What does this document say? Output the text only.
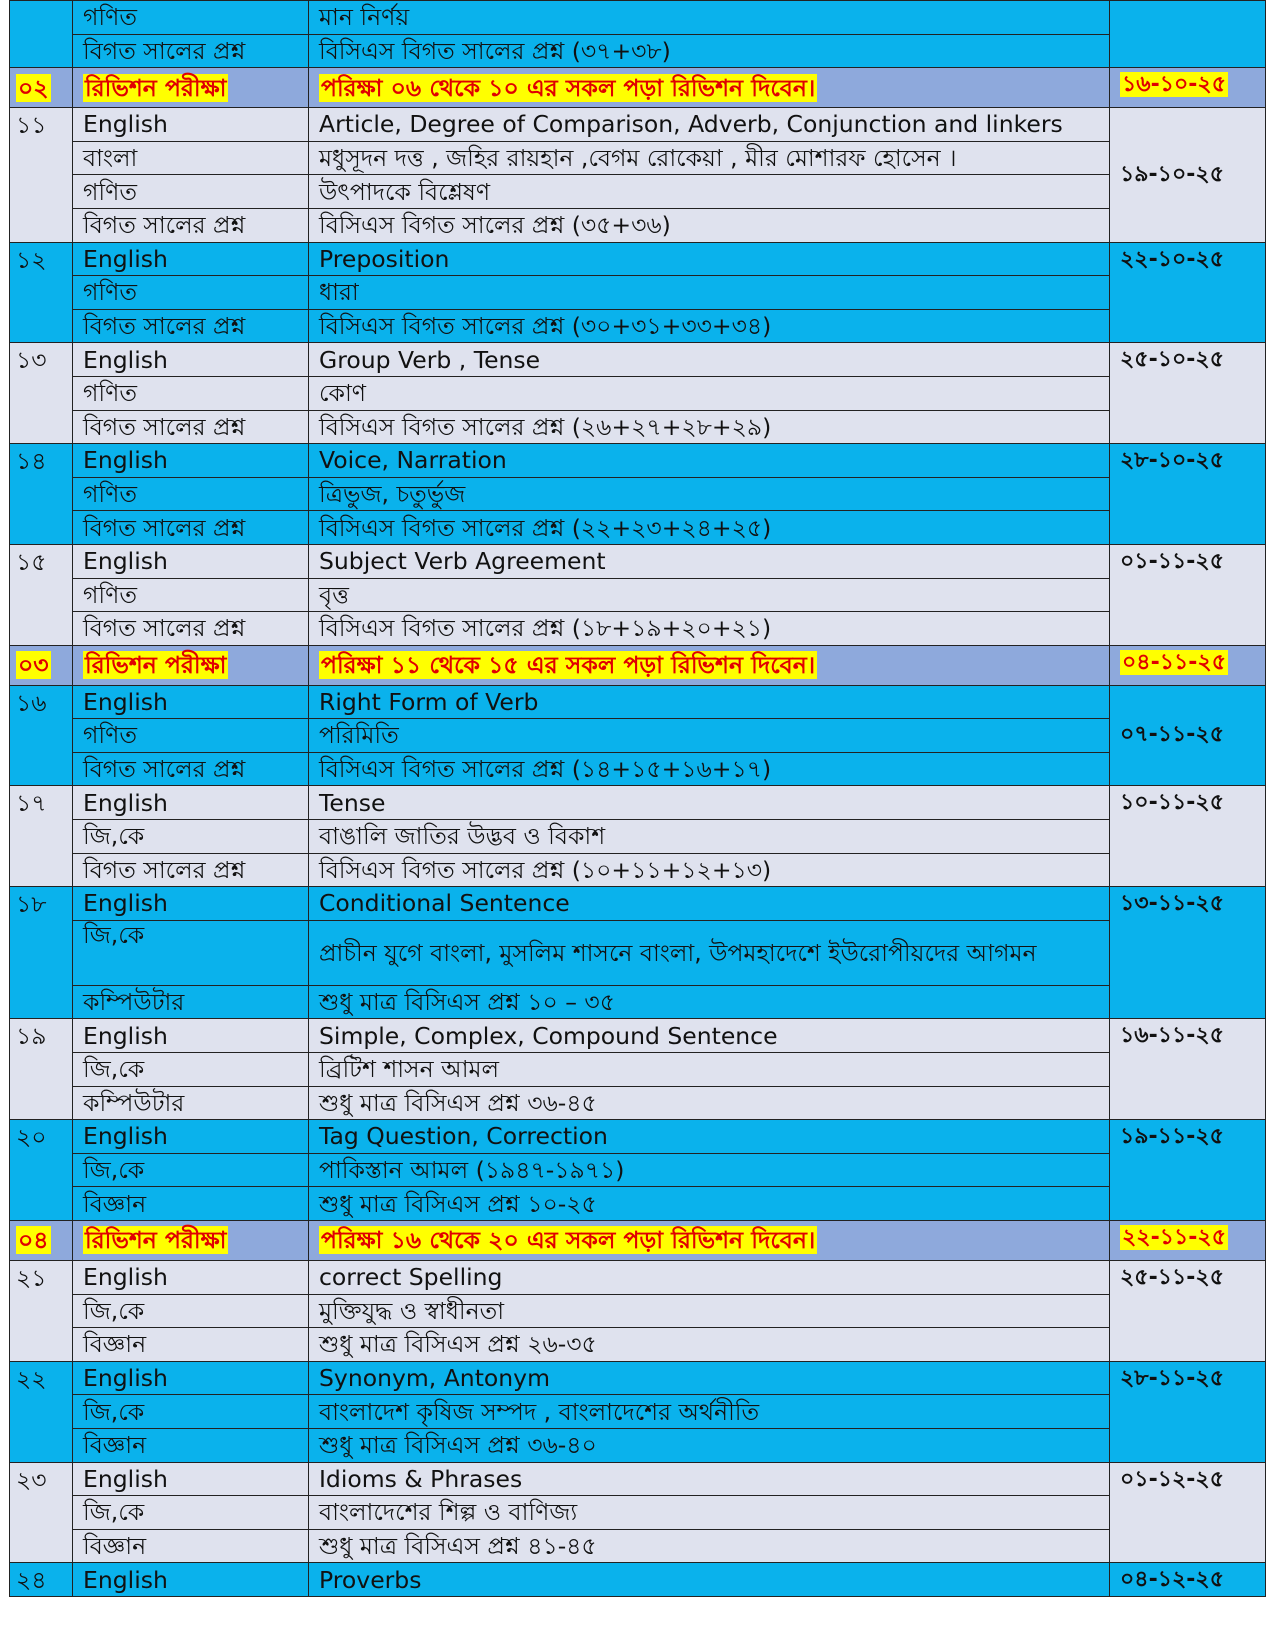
	গণিত	মান নির্ণয়	
	বিগত সালের প্রশ্ন	বিসিএস বিগত সালের প্রশ্ন (৩৭+৩৮)	
০২	রিভিশন পরীক্ষা	পরিক্ষা ০৬ থেকে ১০ এর সকল পড়া রিভিশন দিবেন।	১৬-১০-২৫
১১	English	Article, Degree of Comparison, Adverb, Conjunction and linkers	১৯-১০-২৫
	বাংলা	মধুসূদন দত্ত , জহির রায়হান ,বেগম রোকেয়া , মীর মোশারফ হোসেন ।	
	গণিত	উৎপাদকে বিশ্লেষণ	
	বিগত সালের প্রশ্ন	বিসিএস বিগত সালের প্রশ্ন (৩৫+৩৬)	
১২	English	Preposition	২২-১০-২৫
	গণিত	ধারা	
	বিগত সালের প্রশ্ন	বিসিএস বিগত সালের প্রশ্ন (৩০+৩১+৩৩+৩৪)	
১৩	English	Group Verb , Tense	২৫-১০-২৫
	গণিত	কোণ	
	বিগত সালের প্রশ্ন	বিসিএস বিগত সালের প্রশ্ন (২৬+২৭+২৮+২৯)	
১৪	English	Voice, Narration	২৮-১০-২৫
	গণিত	ত্রিভুজ, চতুর্ভুজ	
	বিগত সালের প্রশ্ন	বিসিএস বিগত সালের প্রশ্ন (২২+২৩+২৪+২৫)	
১৫	English	Subject Verb Agreement	০১-১১-২৫
	গণিত	বৃত্ত	
	বিগত সালের প্রশ্ন	বিসিএস বিগত সালের প্রশ্ন (১৮+১৯+২০+২১)	
০৩	রিভিশন পরীক্ষা	পরিক্ষা ১১ থেকে ১৫ এর সকল পড়া রিভিশন দিবেন।	০৪-১১-২৫
১৬	English	Right Form of Verb	০৭-১১-২৫
	গণিত	পরিমিতি	
	বিগত সালের প্রশ্ন	বিসিএস বিগত সালের প্রশ্ন (১৪+১৫+১৬+১৭)	
১৭	English	Tense	১০-১১-২৫
	জি,কে	বাঙালি জাতির উদ্ভব ও বিকাশ	
	বিগত সালের প্রশ্ন	বিসিএস বিগত সালের প্রশ্ন (১০+১১+১২+১৩)	
১৮	English	Conditional Sentence	১৩-১১-২৫
	জি,কে	প্রাচীন যুগে বাংলা, মুসলিম শাসনে বাংলা, উপমহাদেশে ইউরোপীয়দের আগমন	
	কম্পিউটার	শুধু মাত্র বিসিএস প্রশ্ন ১০ – ৩৫	
১৯	English	Simple, Complex, Compound Sentence	১৬-১১-২৫
	জি,কে	ব্রিটিশ শাসন আমল	
	কম্পিউটার	শুধু মাত্র বিসিএস প্রশ্ন ৩৬-৪৫	
২০	English	Tag Question, Correction	১৯-১১-২৫
	জি,কে	পাকিস্তান আমল (১৯৪৭-১৯৭১)	
	বিজ্ঞান	শুধু মাত্র বিসিএস প্রশ্ন ১০-২৫	
০৪	রিভিশন পরীক্ষা	পরিক্ষা ১৬ থেকে ২০ এর সকল পড়া রিভিশন দিবেন।	২২-১১-২৫
২১	English	correct Spelling	২৫-১১-২৫
	জি,কে	মুক্তিযুদ্ধ ও স্বাধীনতা	
	বিজ্ঞান	শুধু মাত্র বিসিএস প্রশ্ন ২৬-৩৫	
২২	English	Synonym, Antonym	২৮-১১-২৫
	জি,কে	বাংলাদেশ কৃষিজ সম্পদ , বাংলাদেশের অর্থনীতি	
	বিজ্ঞান	শুধু মাত্র বিসিএস প্রশ্ন ৩৬-৪০	
২৩	English	Idioms & Phrases	০১-১২-২৫
	জি,কে	বাংলাদেশের শিল্প ও বাণিজ্য	
	বিজ্ঞান	শুধু মাত্র বিসিএস প্রশ্ন ৪১-৪৫	
২৪	English	Proverbs	০৪-১২-২৫
